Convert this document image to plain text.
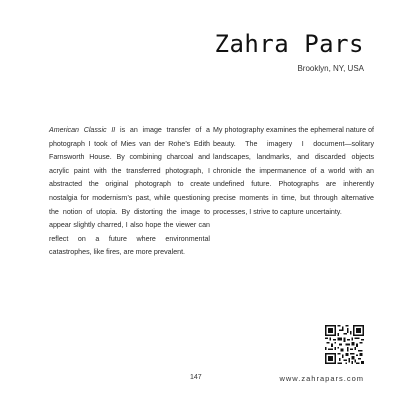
Zahra Pars
Brooklyn, NY, USA
American Classic II is an image transfer of a photograph I took of Mies van der Rohe’s Edith Farnsworth House. By combining charcoal and acrylic paint with the transferred photograph, I abstracted the original photograph to create nostalgia for modernism’s past, while questioning the notion of utopia. By distorting the image to appear slightly charred, I also hope the viewer can reflect on a future where environmental catastrophes, like fires, are more prevalent.
My photography examines the ephemeral nature of beauty. The imagery I document—solitary landscapes, landmarks, and discarded objects chronicle the impermanence of a world with an undefined future. Photographs are inherently precise moments in time, but through alternative processes, I strive to capture uncertainty.
147	www.zahrapars.com
